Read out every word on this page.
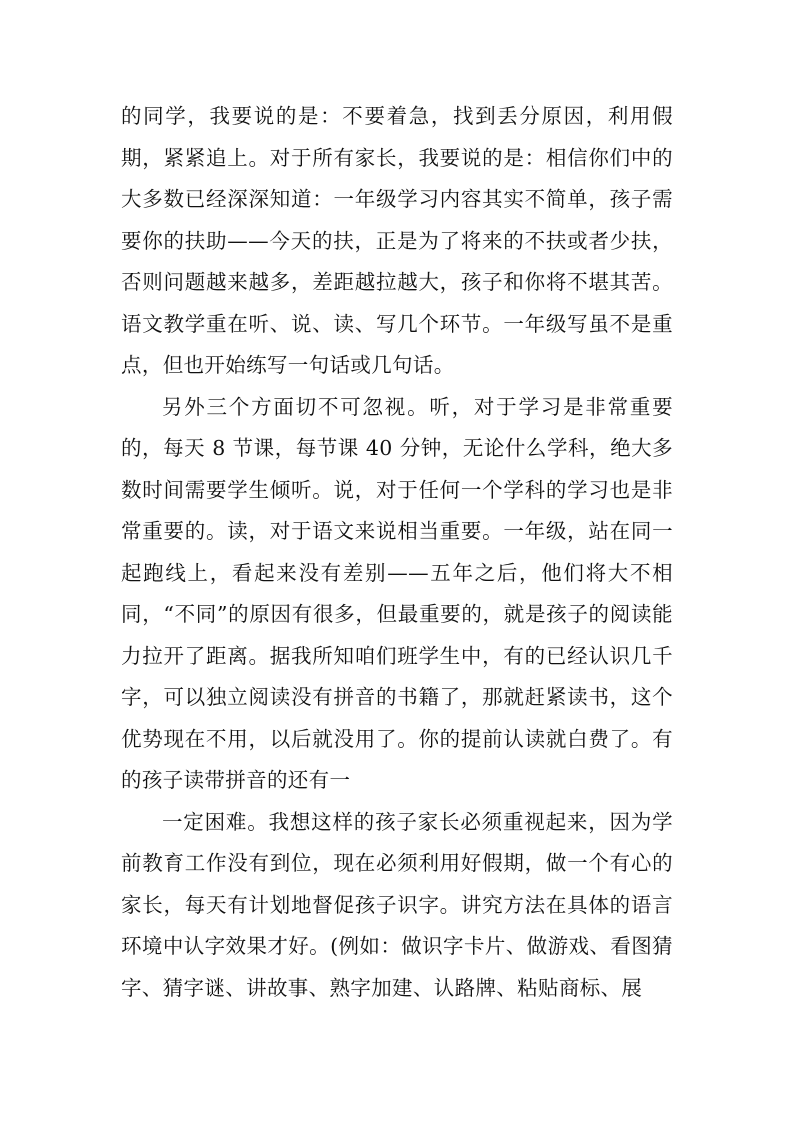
的同学，我要说的是：不要着急，找到丢分原因，利用假期，紧紧追上。对于所有家长，我要说的是：相信你们中的大多数已经深深知道：一年级学习内容其实不简单，孩子需要你的扶助——今天的扶，正是为了将来的不扶或者少扶，否则问题越来越多，差距越拉越大，孩子和你将不堪其苦。语文教学重在听、说、读、写几个环节。一年级写虽不是重点，但也开始练写一句话或几句话。

另外三个方面切不可忽视。听，对于学习是非常重要的，每天 8 节课，每节课 40 分钟，无论什么学科，绝大多数时间需要学生倾听。说，对于任何一个学科的学习也是非常重要的。读，对于语文来说相当重要。一年级，站在同一起跑线上，看起来没有差别——五年之后，他们将大不相同，“不同”的原因有很多，但最重要的，就是孩子的阅读能力拉开了距离。据我所知咱们班学生中，有的已经认识几千字，可以独立阅读没有拼音的书籍了，那就赶紧读书，这个优势现在不用，以后就没用了。你的提前认读就白费了。有的孩子读带拼音的还有一

一定困难。我想这样的孩子家长必须重视起来，因为学前教育工作没有到位，现在必须利用好假期，做一个有心的家长，每天有计划地督促孩子识字。讲究方法在具体的语言环境中认字效果才好。(例如：做识字卡片、做游戏、看图猜字、猜字谜、讲故事、熟字加建、认路牌、粘贴商标、展
